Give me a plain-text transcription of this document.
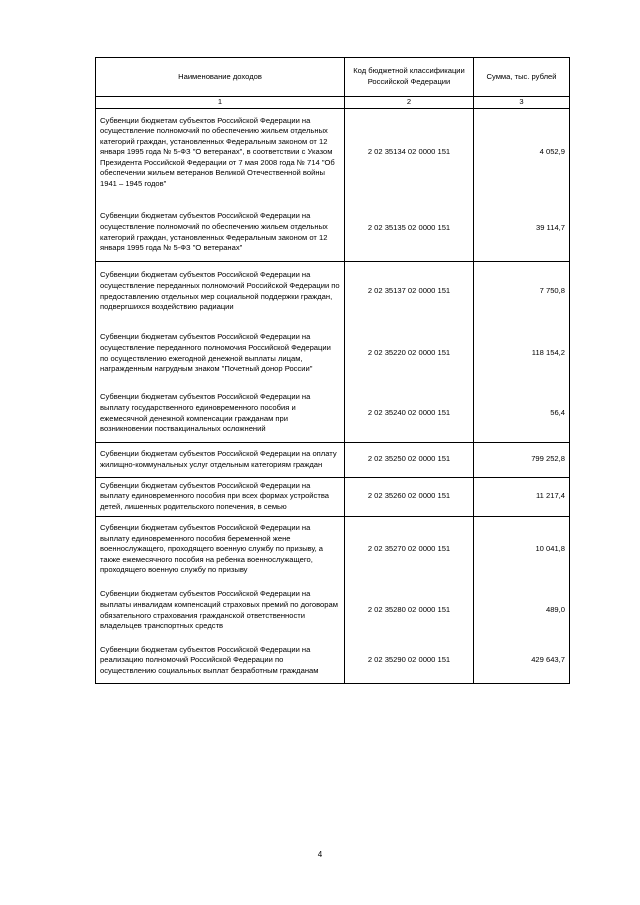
Наименование доходов	Код бюджетной классификации Российской Федерации	Сумма, тыс. рублей
1	2	3
Субвенции бюджетам субъектов Российской Федерации на осуществление полномочий по обеспечению жильем отдельных категорий граждан, установленных Федеральным законом от 12 января 1995 года № 5-ФЗ "О ветеранах", в соответствии с Указом Президента Российской Федерации от 7 мая 2008 года № 714 "Об обеспечении жильем ветеранов Великой Отечественной войны 1941 – 1945 годов"	2 02 35134 02 0000 151	4 052,9
Субвенции бюджетам субъектов Российской Федерации на осуществление полномочий по обеспечению жильем отдельных категорий граждан, установленных Федеральным законом от 12 января 1995 года № 5-ФЗ "О ветеранах"	2 02 35135 02 0000 151	39 114,7
Субвенции бюджетам субъектов Российской Федерации на осуществление переданных полномочий Российской Федерации по предоставлению отдельных мер социальной поддержки граждан, подвергшихся воздействию радиации	2 02 35137 02 0000 151	7 750,8
Субвенции бюджетам субъектов Российской Федерации на осуществление переданного полномочия Российской Федерации по осуществлению ежегодной денежной выплаты лицам, награжденным нагрудным знаком "Почетный донор России"	2 02 35220 02 0000 151	118 154,2
Субвенции бюджетам субъектов Российской Федерации на выплату государственного единовременного пособия и ежемесячной денежной компенсации гражданам при возникновении поствакцинальных осложнений	2 02 35240 02 0000 151	56,4
Субвенции бюджетам субъектов Российской Федерации на оплату жилищно-коммунальных услуг отдельным категориям граждан	2 02 35250 02 0000 151	799 252,8
Субвенции бюджетам субъектов Российской Федерации на выплату единовременного пособия при всех формах устройства детей, лишенных родительского попечения, в семью	2 02 35260 02 0000 151	11 217,4
Субвенции бюджетам субъектов Российской Федерации на выплату единовременного пособия беременной жене военнослужащего, проходящего военную службу по призыву, а также ежемесячного пособия на ребенка военнослужащего, проходящего военную службу по призыву	2 02 35270 02 0000 151	10 041,8
Субвенции бюджетам субъектов Российской Федерации на выплаты инвалидам компенсаций страховых премий по договорам обязательного страхования гражданской ответственности владельцев транспортных средств	2 02 35280 02 0000 151	489,0
Субвенции бюджетам субъектов Российской Федерации на реализацию полномочий Российской Федерации по осуществлению социальных выплат безработным гражданам	2 02 35290 02 0000 151	429 643,7
4
